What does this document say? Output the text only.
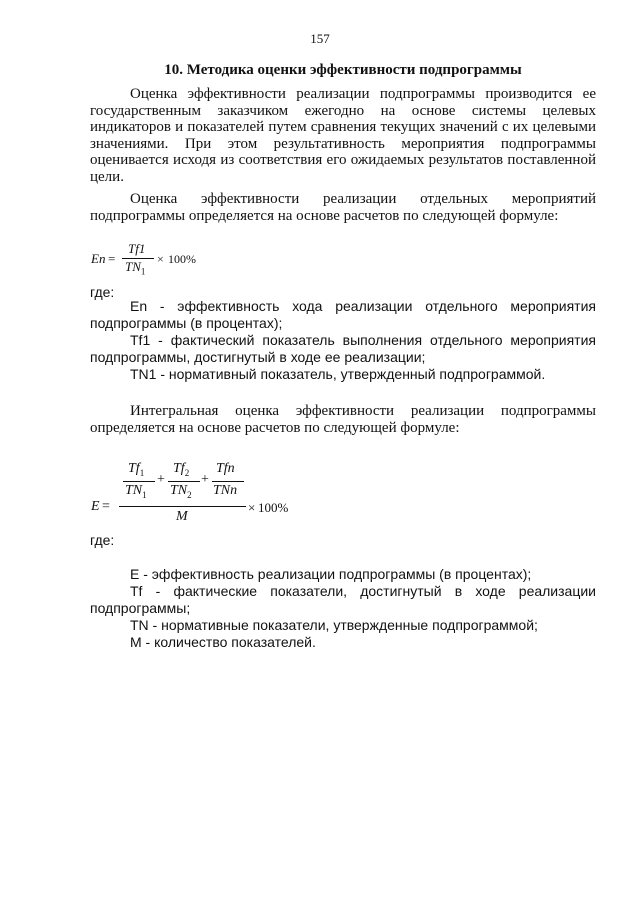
157
10. Методика оценки эффективности подпрограммы

Оценка эффективности реализации подпрограммы производится ее государственным заказчиком ежегодно на основе системы целевых индикаторов и показателей путем сравнения текущих значений с их целевыми значениями. При этом результативность мероприятия подпрограммы оценивается исходя из соответствия его ожидаемых результатов поставленной цели.

Оценка эффективности реализации отдельных мероприятий подпрограммы определяется на основе расчетов по следующей формуле:

En =
Tf1
$TN_1$
× 100%

где:

En - эффективность хода реализации отдельного мероприятия подпрограммы (в процентах);

Tf1 - фактический показатель выполнения отдельного мероприятия подпрограммы, достигнутый в ходе ее реализации;

TN1 - нормативный показатель, утвержденный подпрограммой.

Интегральная оценка эффективности реализации подпрограммы определяется на основе расчетов по следующей формуле:

E =
$Tf_1$
$TN_1$
+
$Tf_2$
$TN_2$
+
Tfn
TNn
M
× 100%

где:

E - эффективность реализации подпрограммы (в процентах);

Tf - фактические показатели, достигнутый в ходе реализации подпрограммы;

TN - нормативные показатели, утвержденные подпрограммой;

M - количество показателей.
